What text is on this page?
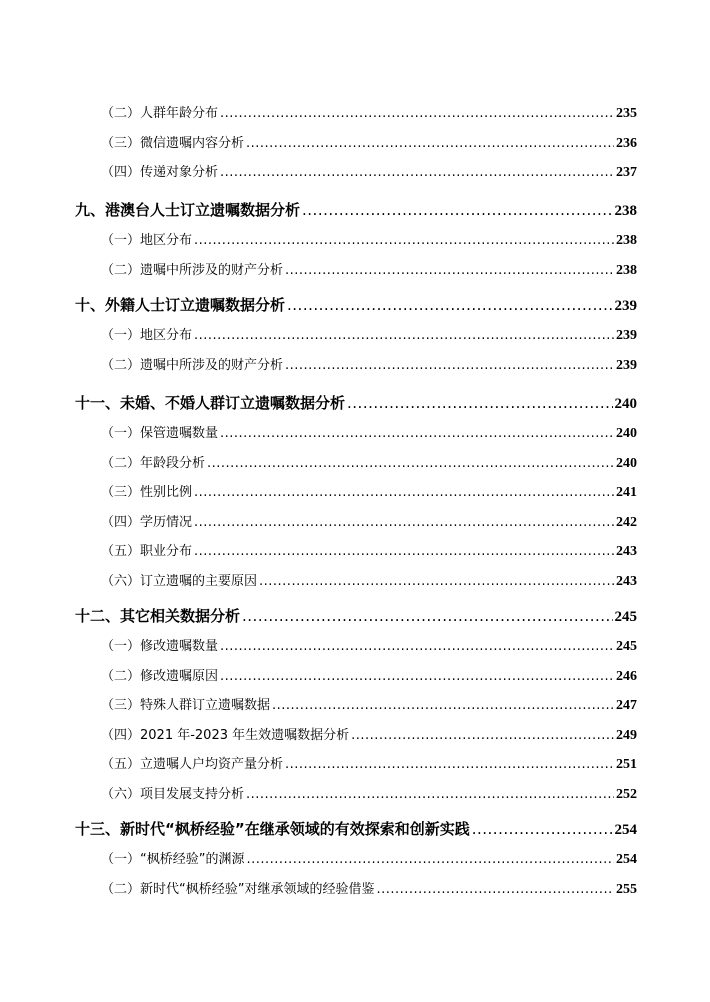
（二）人群年龄分布 .....	235
（三）微信遗嘱内容分析 .....	236
（四）传递对象分析 .....	237
九、港澳台人士订立遗嘱数据分析 .....	238
（一）地区分布 .....	238
（二）遗嘱中所涉及的财产分析 .....	238
十、外籍人士订立遗嘱数据分析 .....	239
（一）地区分布 .....	239
（二）遗嘱中所涉及的财产分析 .....	239
十一、未婚、不婚人群订立遗嘱数据分析 .....	240
（一）保管遗嘱数量 .....	240
（二）年龄段分析 .....	240
（三）性别比例 .....	241
（四）学历情况 .....	242
（五）职业分布 .....	243
（六）订立遗嘱的主要原因 .....	243
十二、其它相关数据分析 .....	245
（一）修改遗嘱数量 .....	245
（二）修改遗嘱原因 .....	246
（三）特殊人群订立遗嘱数据 .....	247
（四）2021 年-2023 年生效遗嘱数据分析 .....	249
（五）立遗嘱人户均资产量分析 .....	251
（六）项目发展支持分析 .....	252
十三、新时代“枫桥经验”在继承领域的有效探索和创新实践 .....	254
（一）“枫桥经验”的渊源 .....	254
（二）新时代“枫桥经验”对继承领域的经验借鉴 .....	255
